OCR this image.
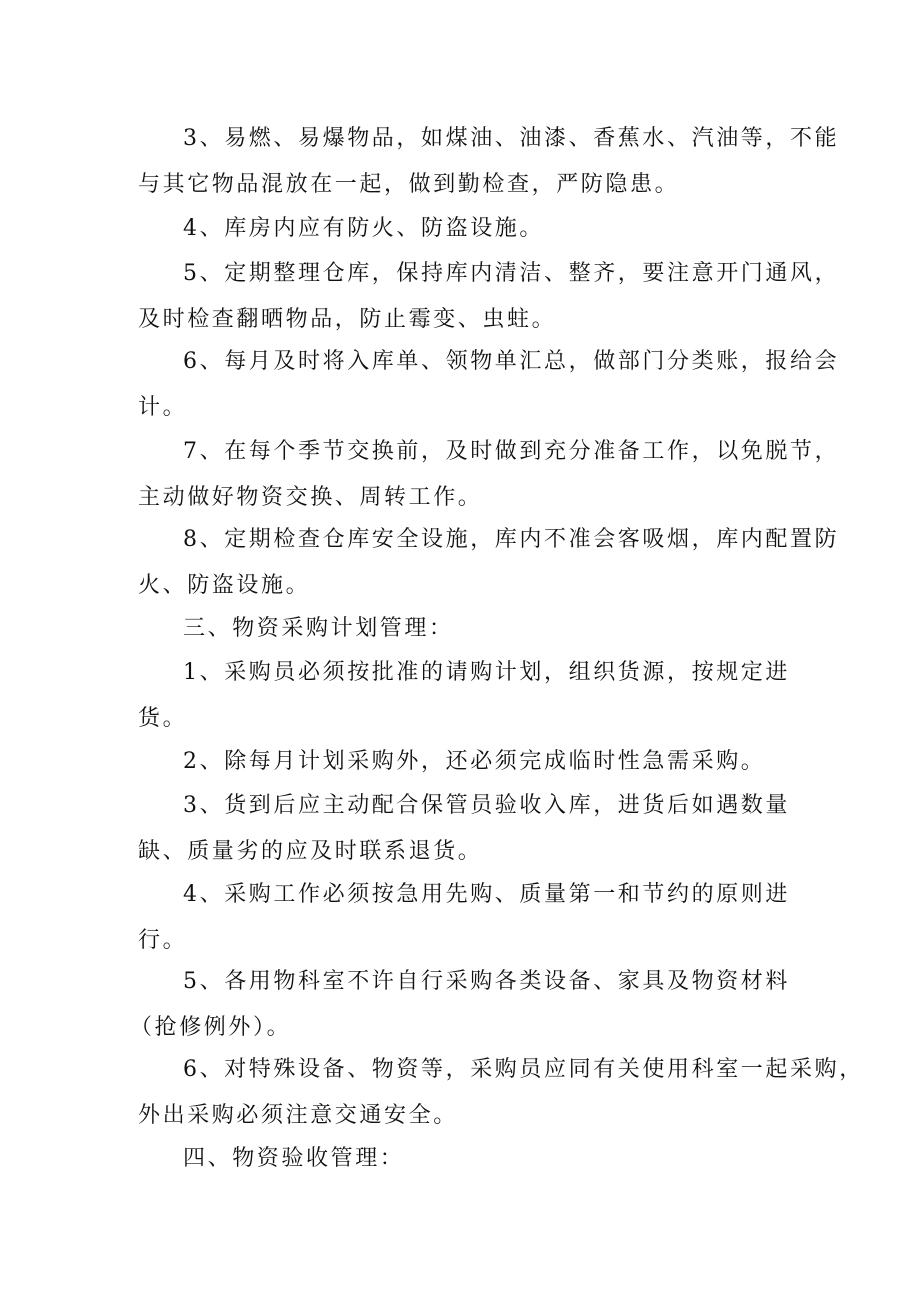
3、易燃、易爆物品，如煤油、油漆、香蕉水、汽油等，不能
与其它物品混放在一起，做到勤检查，严防隐患。

4、库房内应有防火、防盗设施。

5、定期整理仓库，保持库内清洁、整齐，要注意开门通风，
及时检查翻晒物品，防止霉变、虫蛀。

6、每月及时将入库单、领物单汇总，做部门分类账，报给会
计。

7、在每个季节交换前，及时做到充分准备工作，以免脱节，
主动做好物资交换、周转工作。

8、定期检查仓库安全设施，库内不准会客吸烟，库内配置防
火、防盗设施。

三、物资采购计划管理：

1、采购员必须按批准的请购计划，组织货源，按规定进
货。

2、除每月计划采购外，还必须完成临时性急需采购。

3、货到后应主动配合保管员验收入库，进货后如遇数量
缺、质量劣的应及时联系退货。

4、采购工作必须按急用先购、质量第一和节约的原则进
行。

5、各用物科室不许自行采购各类设备、家具及物资材料
（抢修例外）。

6、对特殊设备、物资等，采购员应同有关使用科室一起采购，
外出采购必须注意交通安全。

四、物资验收管理：
